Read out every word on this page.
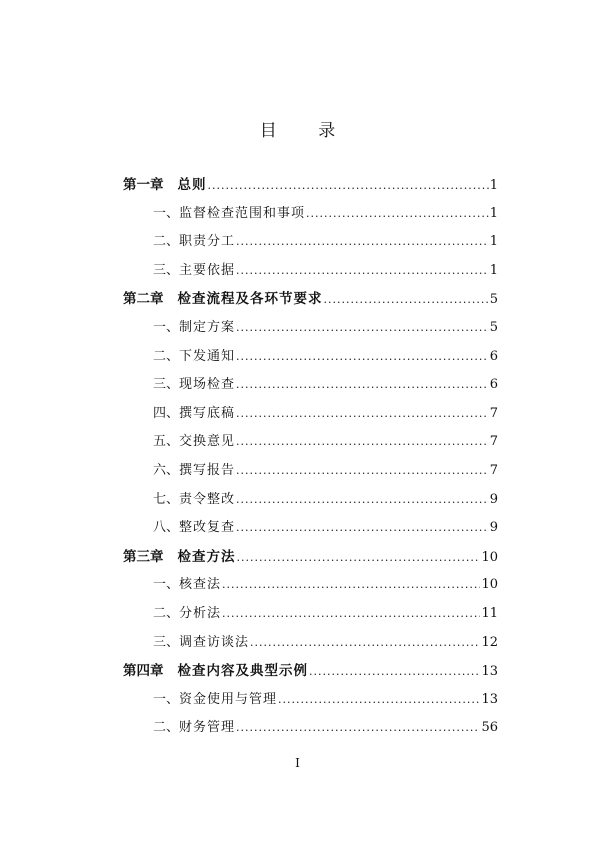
目 录
第一章 总则 .....	1
一、 监督检查范围和事项 .....	1
二、 职责分工 .....	1
三、 主要依据 .....	1
第二章 检查流程及各环节要求 .....	5
一、 制定方案 .....	5
二、 下发通知 .....	6
三、 现场检查 .....	6
四、 撰写底稿 .....	7
五、 交换意见 .....	7
六、 撰写报告 .....	7
七、 责令整改 .....	9
八、 整改复查 .....	9
第三章 检查方法 .....	10
一、 核查法 .....	10
二、 分析法 .....	11
三、 调查访谈法 .....	12
第四章 检查内容及典型示例 .....	13
一、 资金使用与管理 .....	13
二、 财务管理 .....	56
I
